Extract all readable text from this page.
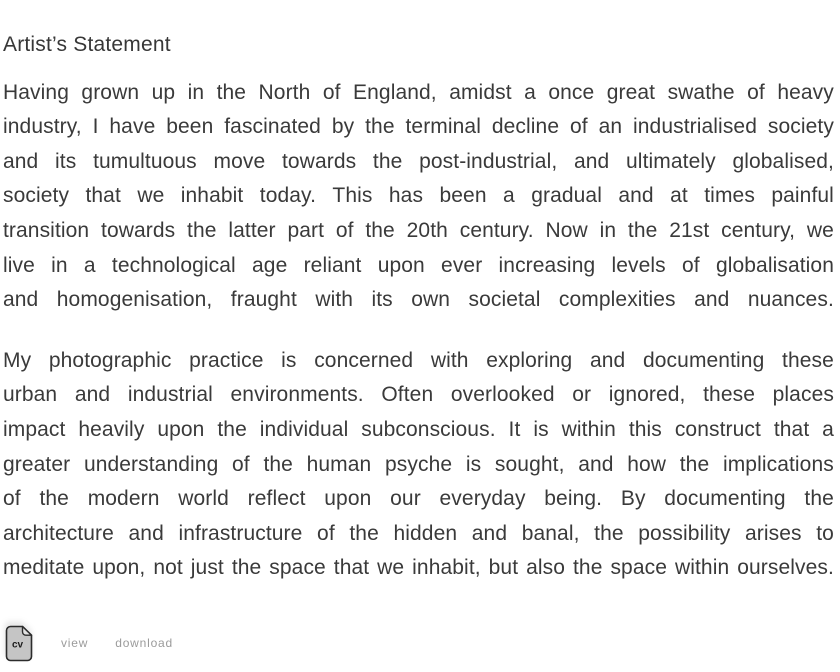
Artist’s Statement
Having grown up in the North of England, amidst a once great swathe of heavy
industry, I have been fascinated by the terminal decline of an industrialised society
and its tumultuous move towards the post-industrial, and ultimately globalised,
society that we inhabit today. This has been a gradual and at times painful
transition towards the latter part of the 20th century. Now in the 21st century, we
live in a technological age reliant upon ever increasing levels of globalisation
and homogenisation, fraught with its own societal complexities and nuances.
My photographic practice is concerned with exploring and documenting these
urban and industrial environments. Often overlooked or ignored, these places
impact heavily upon the individual subconscious. It is within this construct that a
greater understanding of the human psyche is sought, and how the implications
of the modern world reflect upon our everyday being. By documenting the
architecture and infrastructure of the hidden and banal, the possibility arises to
meditate upon, not just the space that we inhabit, but also the space within ourselves.
cv	view download
